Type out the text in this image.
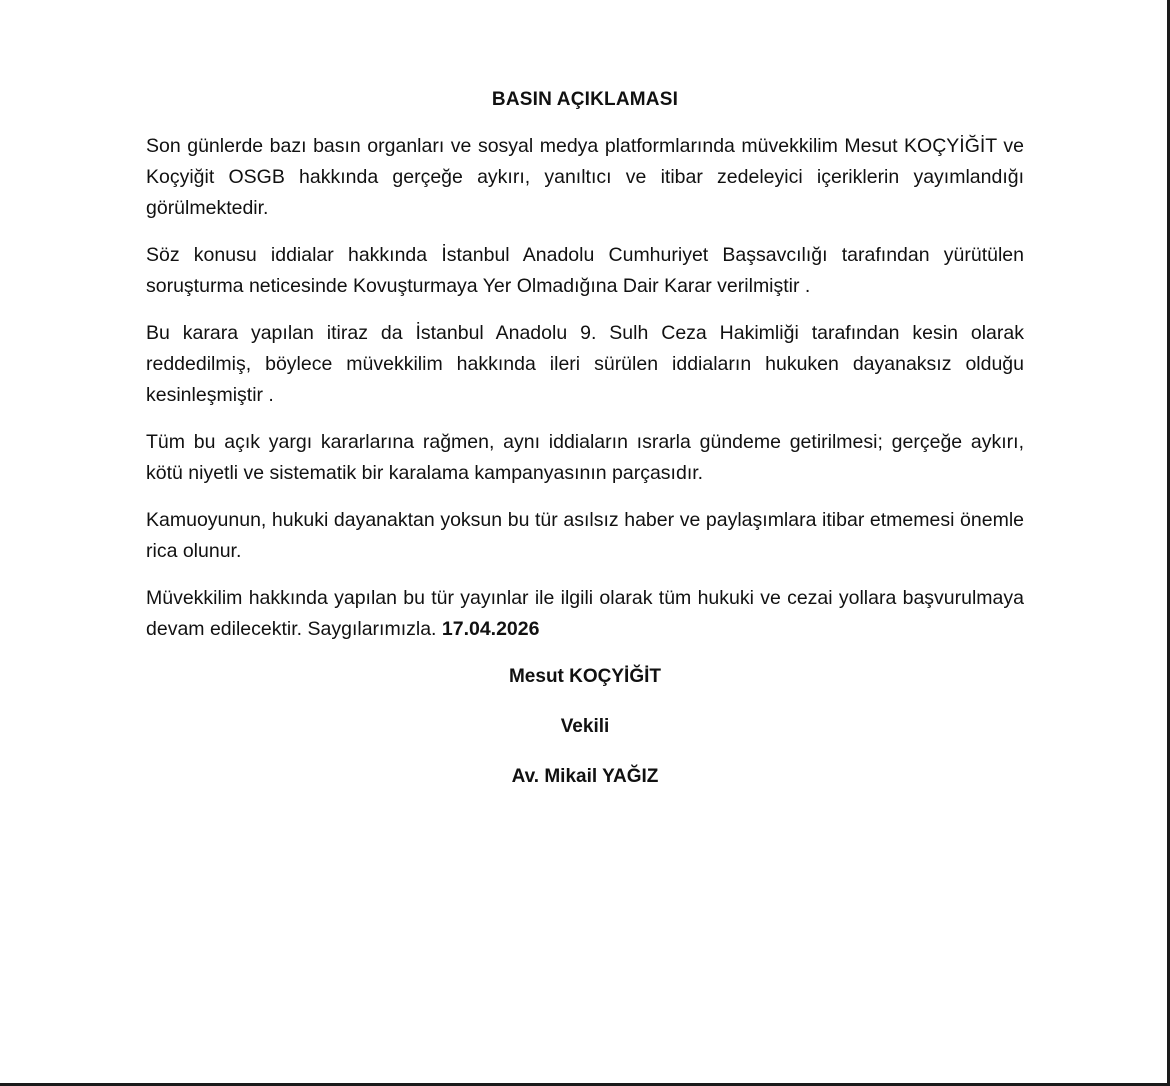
BASIN AÇIKLAMASI

Son günlerde bazı basın organları ve sosyal medya platformlarında müvekkilim Mesut KOÇYİĞİT ve Koçyiğit OSGB hakkında gerçeğe aykırı, yanıltıcı ve itibar zedeleyici içeriklerin yayımlandığı görülmektedir.

Söz konusu iddialar hakkında İstanbul Anadolu Cumhuriyet Başsavcılığı tarafından yürütülen soruşturma neticesinde Kovuşturmaya Yer Olmadığına Dair Karar verilmiştir .

Bu karara yapılan itiraz da İstanbul Anadolu 9. Sulh Ceza Hakimliği tarafından kesin olarak reddedilmiş, böylece müvekkilim hakkında ileri sürülen iddiaların hukuken dayanaksız olduğu kesinleşmiştir .

Tüm bu açık yargı kararlarına rağmen, aynı iddiaların ısrarla gündeme getirilmesi; gerçeğe aykırı, kötü niyetli ve sistematik bir karalama kampanyasının parçasıdır.

Kamuoyunun, hukuki dayanaktan yoksun bu tür asılsız haber ve paylaşımlara itibar etmemesi önemle rica olunur.

Müvekkilim hakkında yapılan bu tür yayınlar ile ilgili olarak tüm hukuki ve cezai yollara başvurulmaya devam edilecektir. Saygılarımızla. 17.04.2026

Mesut KOÇYİĞİT
Vekili
Av. Mikail YAĞIZ
